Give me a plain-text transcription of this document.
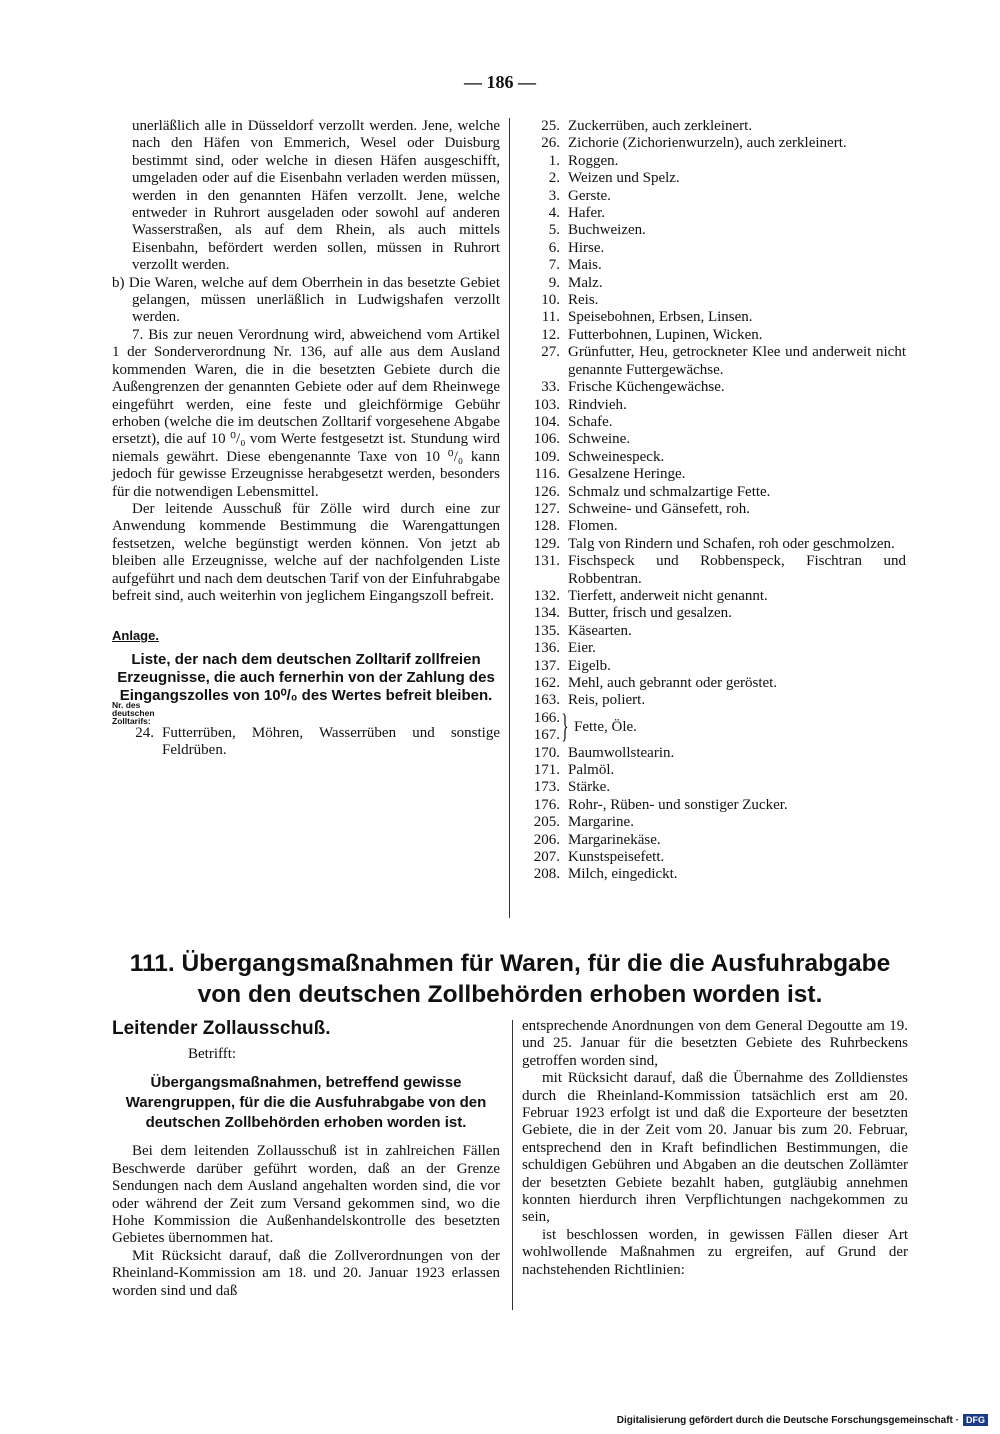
— 186 —

unerläßlich alle in Düsseldorf verzollt werden. Jene, welche nach den Häfen von Emmerich, Wesel oder Duisburg bestimmt sind, oder welche in diesen Häfen ausgeschifft, umgeladen oder auf die Eisenbahn verladen werden müssen, werden in den genannten Häfen verzollt. Jene, welche entweder in Ruhrort ausgeladen oder sowohl auf anderen Wasserstraßen, als auf dem Rhein, als auch mittels Eisenbahn, befördert werden sollen, müssen in Ruhrort verzollt werden.

b) Die Waren, welche auf dem Oberrhein in das besetzte Gebiet gelangen, müssen unerläßlich in Ludwigshafen verzollt werden.

7. Bis zur neuen Verordnung wird, abweichend vom Artikel 1 der Sonderverordnung Nr. 136, auf alle aus dem Ausland kommenden Waren, die in die besetzten Gebiete durch die Außengrenzen der genannten Gebiete oder auf dem Rheinwege eingeführt werden, eine feste und gleichförmige Gebühr erhoben (welche die im deutschen Zolltarif vorgesehene Abgabe ersetzt), die auf 10 ⁰/₀ vom Werte festgesetzt ist. Stundung wird niemals gewährt. Diese ebengenannte Taxe von 10 ⁰/₀ kann jedoch für gewisse Erzeugnisse herabgesetzt werden, besonders für die notwendigen Lebensmittel.

Der leitende Ausschuß für Zölle wird durch eine zur Anwendung kommende Bestimmung die Warengattungen festsetzen, welche begünstigt werden können. Von jetzt ab bleiben alle Erzeugnisse, welche auf der nachfolgenden Liste aufgeführt und nach dem deutschen Tarif von der Einfuhrabgabe befreit sind, auch weiterhin von jeglichem Eingangszoll befreit.

Anlage.
Liste, der nach dem deutschen Zolltarif zollfreien Erzeugnisse, die auch fernerhin von der Zahlung des Eingangszolles von 10⁰/₀ des Wertes befreit bleiben.
Nr. des deutschen Zolltarifs:
24. Futterrüben, Möhren, Wasserrüben und sonstige Feldrüben.
25. Zuckerrüben, auch zerkleinert.
26. Zichorie (Zichorienwurzeln), auch zerkleinert.
1. Roggen.
2. Weizen und Spelz.
3. Gerste.
4. Hafer.
5. Buchweizen.
6. Hirse.
7. Mais.
9. Malz.
10. Reis.
11. Speisebohnen, Erbsen, Linsen.
12. Futterbohnen, Lupinen, Wicken.
27. Grünfutter, Heu, getrockneter Klee und anderweit nicht genannte Futtergewächse.
33. Frische Küchengewächse.
103. Rindvieh.
104. Schafe.
106. Schweine.
109. Schweinespeck.
116. Gesalzene Heringe.
126. Schmalz und schmalzartige Fette.
127. Schweine- und Gänsefett, roh.
128. Flomen.
129. Talg von Rindern und Schafen, roh oder geschmolzen.
131. Fischspeck und Robbenspeck, Fischtran und Robbentran.
132. Tierfett, anderweit nicht genannt.
134. Butter, frisch und gesalzen.
135. Käsearten.
136. Eier.
137. Eigelb.
162. Mehl, auch gebrannt oder geröstet.
163. Reis, poliert.
166.
167. } Fette, Öle.
170. Baumwollstearin.
171. Palmöl.
173. Stärke.
176. Rohr-, Rüben- und sonstiger Zucker.
205. Margarine.
206. Margarinekäse.
207. Kunstspeisefett.
208. Milch, eingedickt.
111. Übergangsmaßnahmen für Waren, für die die Ausfuhrabgabe
von den deutschen Zollbehörden erhoben worden ist.
Leitender Zollausschuß.
Betrifft:
Übergangsmaßnahmen, betreffend gewisse Warengruppen, für die die Ausfuhrabgabe von den deutschen Zollbehörden erhoben worden ist.

Bei dem leitenden Zollausschuß ist in zahlreichen Fällen Beschwerde darüber geführt worden, daß an der Grenze Sendungen nach dem Ausland angehalten worden sind, die vor oder während der Zeit zum Versand gekommen sind, wo die Hohe Kommission die Außenhandelskontrolle des besetzten Gebietes übernommen hat.

Mit Rücksicht darauf, daß die Zollverordnungen von der Rheinland-Kommission am 18. und 20. Januar 1923 erlassen worden sind und daß

entsprechende Anordnungen von dem General Degoutte am 19. und 25. Januar für die besetzten Gebiete des Ruhrbeckens getroffen worden sind,

mit Rücksicht darauf, daß die Übernahme des Zolldienstes durch die Rheinland-Kommission tatsächlich erst am 20. Februar 1923 erfolgt ist und daß die Exporteure der besetzten Gebiete, die in der Zeit vom 20. Januar bis zum 20. Februar, entsprechend den in Kraft befindlichen Bestimmungen, die schuldigen Gebühren und Abgaben an die deutschen Zollämter der besetzten Gebiete bezahlt haben, gutgläubig annehmen konnten hierdurch ihren Verpflichtungen nachgekommen zu sein,

ist beschlossen worden, in gewissen Fällen dieser Art wohlwollende Maßnahmen zu ergreifen, auf Grund der nachstehenden Richtlinien:

Digitalisierung gefördert durch die Deutsche Forschungsgemeinschaft · DFG
